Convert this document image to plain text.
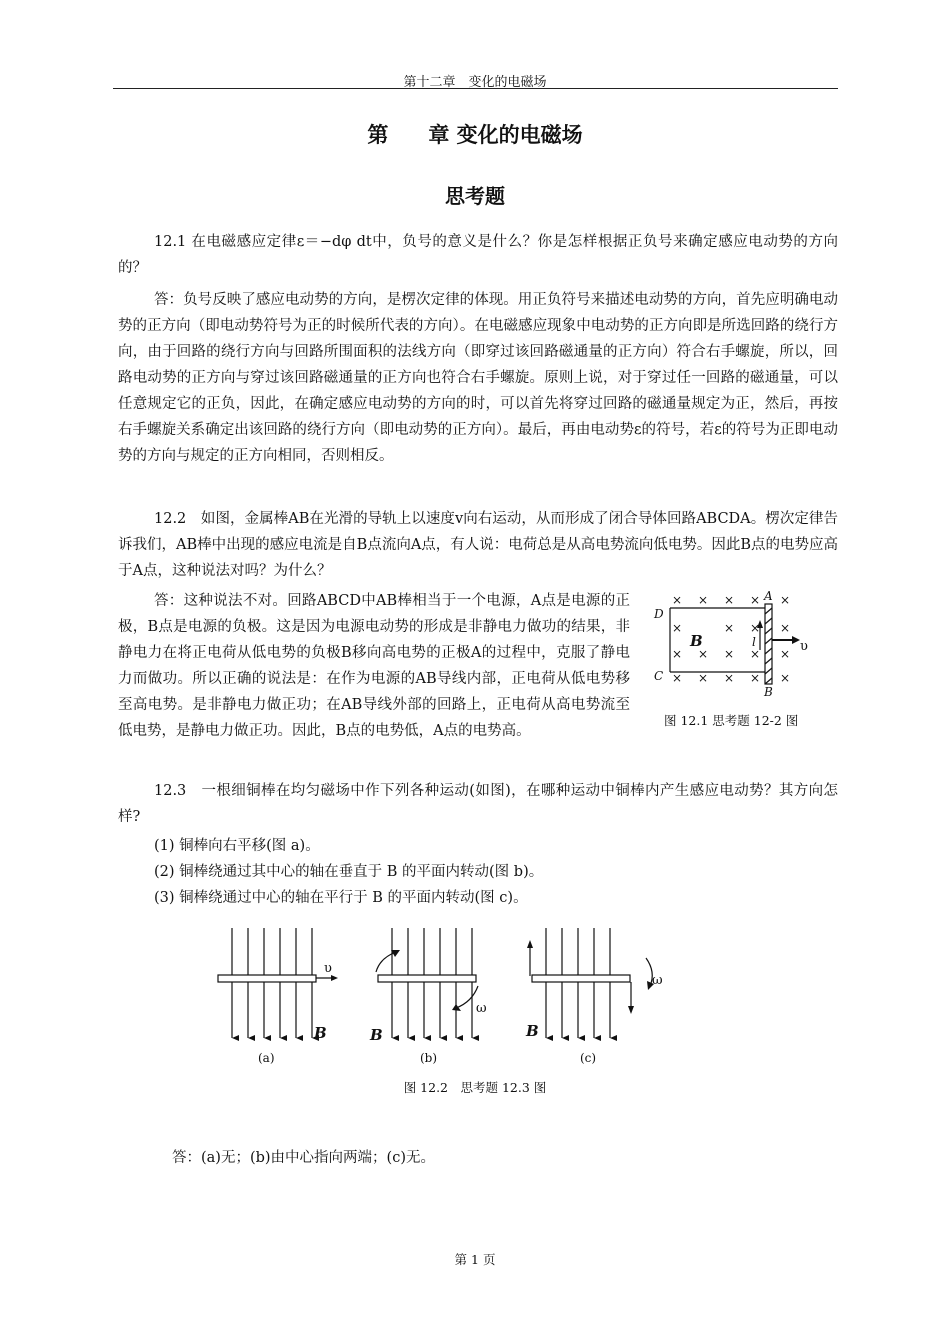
第十二章　变化的电磁场
第 章 变化的电磁场
思考题
12.1 在电磁感应定律ε＝−dφ dt中，负号的意义是什么？你是怎样根据正负号来确定感应电动势的方向的？
答：负号反映了感应电动势的方向，是楞次定律的体现。用正负符号来描述电动势的方向，首先应明确电动势的正方向（即电动势符号为正的时候所代表的方向）。在电磁感应现象中电动势的正方向即是所选回路的绕行方向，由于回路的绕行方向与回路所围面积的法线方向（即穿过该回路磁通量的正方向）符合右手螺旋，所以，回路电动势的正方向与穿过该回路磁通量的正方向也符合右手螺旋。原则上说，对于穿过任一回路的磁通量，可以任意规定它的正负，因此，在确定感应电动势的方向的时，可以首先将穿过回路的磁通量规定为正，然后，再按右手螺旋关系确定出该回路的绕行方向（即电动势的正方向）。最后，再由电动势ε的符号，若ε的符号为正即电动势的方向与规定的正方向相同，否则相反。
12.2　如图，金属棒AB在光滑的导轨上以速度v向右运动，从而形成了闭合导体回路ABCDA。楞次定律告诉我们，AB棒中出现的感应电流是自B点流向A点，有人说：电荷总是从高电势流向低电势。因此B点的电势应高于A点，这种说法对吗？为什么？
答：这种说法不对。回路ABCD中AB棒相当于一个电源，A点是电源的正极，B点是电源的负极。这是因为电源电动势的形成是非静电力做功的结果，非静电力在将正电荷从低电势的负极B移向高电势的正极A的过程中，克服了静电力而做功。所以正确的说法是：在作为电源的AB导线内部，正电荷从低电势移至高电势。是非静电力做正功；在AB导线外部的回路上，正电荷从高电势流至低电势，是静电力做正功。因此，B点的电势低，A点的电势高。
× × × × ×
×	× × ×
× × × × ×
× × × × ×
A
D
C
B
B	l	υ
图 12.1 思考题 12-2 图
12.3　一根细铜棒在均匀磁场中作下列各种运动(如图)，在哪种运动中铜棒内产生感应电动势？其方向怎样?
(1) 铜棒向右平移(图 a)。
(2) 铜棒绕通过其中心的轴在垂直于 B 的平面内转动(图 b)。
(3) 铜棒绕通过中心的轴在平行于 B 的平面内转动(图 c)。
υ
B	B
ω
B
ω
(a)	(b)	(c)
图 12.2　思考题 12.3 图
答：(a)无；(b)由中心指向两端；(c)无。
第 1 页
